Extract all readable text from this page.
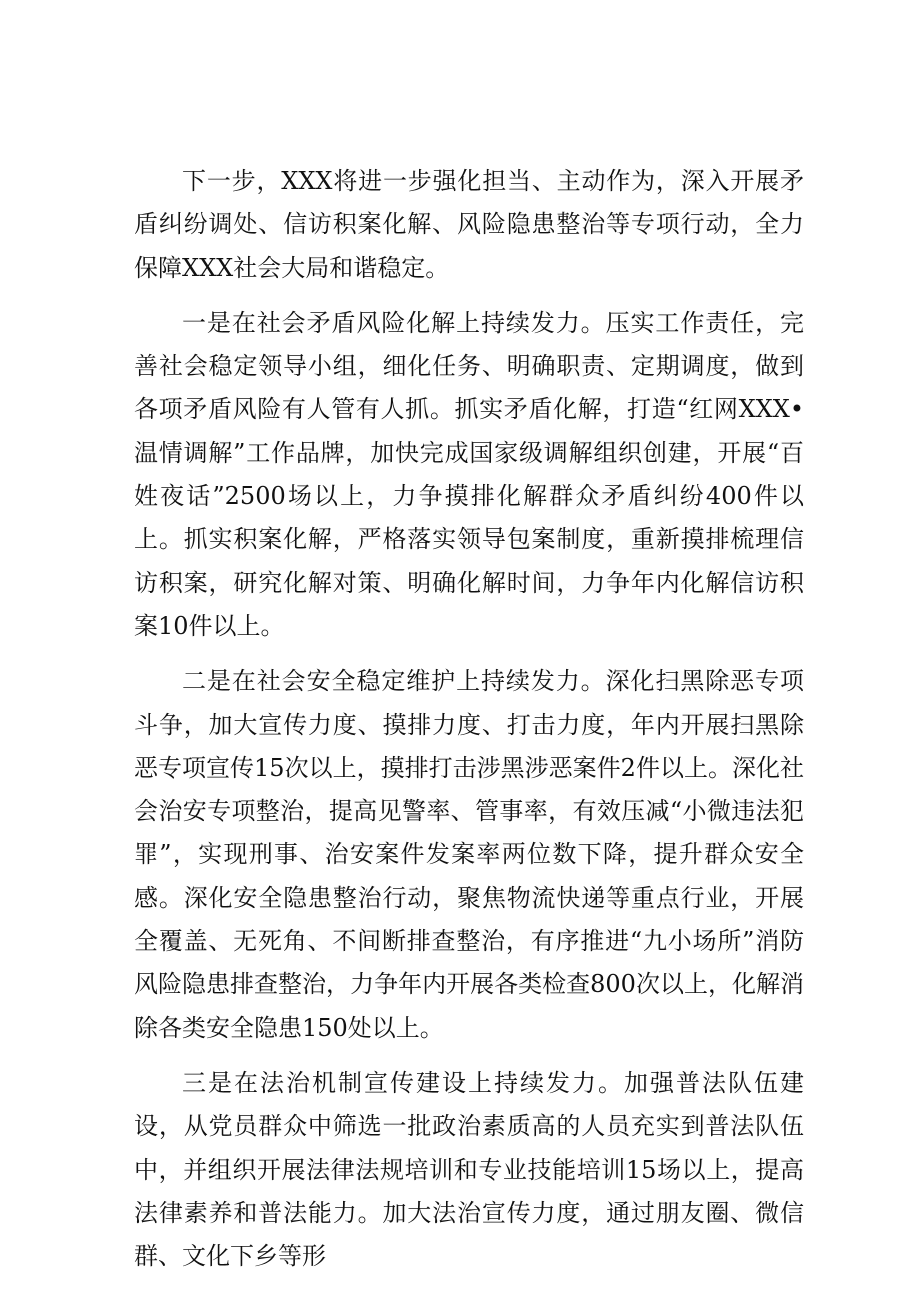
下一步，XXX将进一步强化担当、主动作为，深入开展矛盾纠纷调处、信访积案化解、风险隐患整治等专项行动，全力保障XXX社会大局和谐稳定。

一是在社会矛盾风险化解上持续发力。压实工作责任，完善社会稳定领导小组，细化任务、明确职责、定期调度，做到各项矛盾风险有人管有人抓。抓实矛盾化解，打造“红网XXX•温情调解”工作品牌，加快完成国家级调解组织创建，开展“百姓夜话”2500场以上，力争摸排化解群众矛盾纠纷400件以上。抓实积案化解，严格落实领导包案制度，重新摸排梳理信访积案，研究化解对策、明确化解时间，力争年内化解信访积案10件以上。

二是在社会安全稳定维护上持续发力。深化扫黑除恶专项斗争，加大宣传力度、摸排力度、打击力度，年内开展扫黑除恶专项宣传15次以上，摸排打击涉黑涉恶案件2件以上。深化社会治安专项整治，提高见警率、管事率，有效压减“小微违法犯罪”，实现刑事、治安案件发案率两位数下降，提升群众安全感。深化安全隐患整治行动，聚焦物流快递等重点行业，开展全覆盖、无死角、不间断排查整治，有序推进“九小场所”消防风险隐患排查整治，力争年内开展各类检查800次以上，化解消除各类安全隐患150处以上。

三是在法治机制宣传建设上持续发力。加强普法队伍建设，从党员群众中筛选一批政治素质高的人员充实到普法队伍中，并组织开展法律法规培训和专业技能培训15场以上，提高法律素养和普法能力。加大法治宣传力度，通过朋友圈、微信群、文化下乡等形
